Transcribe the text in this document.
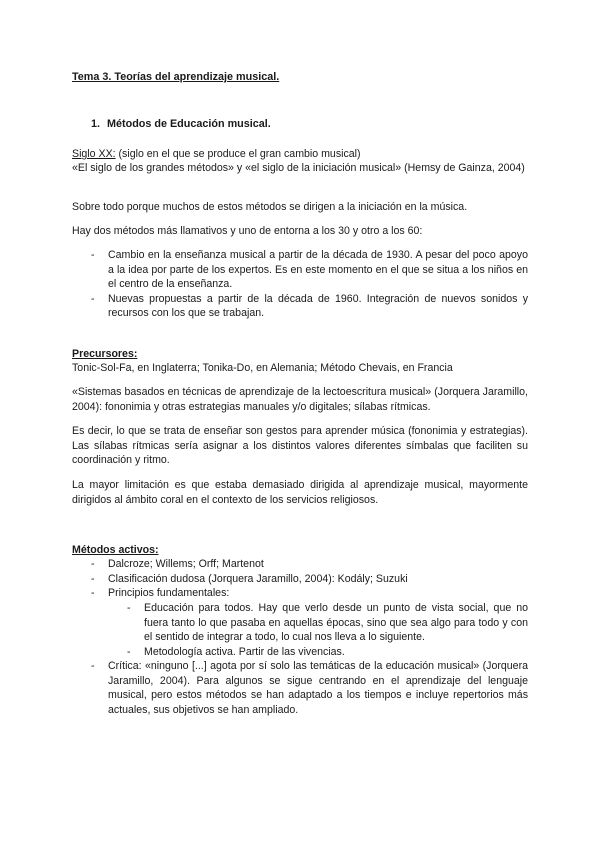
Tema 3. Teorías del aprendizaje musical.

1. Métodos de Educación musical.

Siglo XX: (siglo en el que se produce el gran cambio musical)

«El siglo de los grandes métodos» y «el siglo de la iniciación musical» (Hemsy de Gainza, 2004)

Sobre todo porque muchos de estos métodos se dirigen a la iniciación en la música.

Hay dos métodos más llamativos y uno de entorna a los 30 y otro a los 60:

- Cambio en la enseñanza musical a partir de la década de 1930. A pesar del poco apoyo a la idea por parte de los expertos. Es en este momento en el que se situa a los niños en el centro de la enseñanza.
- Nuevas propuestas a partir de la década de 1960. Integración de nuevos sonidos y recursos con los que se trabajan.

Precursores:

Tonic-Sol-Fa, en Inglaterra; Tonika-Do, en Alemania; Método Chevais, en Francia

«Sistemas basados en técnicas de aprendizaje de la lectoescritura musical» (Jorquera Jaramillo, 2004): fononimia y otras estrategias manuales y/o digitales; sílabas rítmicas.

Es decir, lo que se trata de enseñar son gestos para aprender música (fononimia y estrategias). Las sílabas rítmicas sería asignar a los distintos valores diferentes símbalas que faciliten su coordinación y ritmo.

La mayor limitación es que estaba demasiado dirigida al aprendizaje musical, mayormente dirigidos al ámbito coral en el contexto de los servicios religiosos.

Métodos activos:

- Dalcroze; Willems; Orff; Martenot
- Clasificación dudosa (Jorquera Jaramillo, 2004): Kodály; Suzuki
- Principios fundamentales:
- Educación para todos. Hay que verlo desde un punto de vista social, que no fuera tanto lo que pasaba en aquellas épocas, sino que sea algo para todo y con el sentido de integrar a todo, lo cual nos lleva a lo siguiente.
- Metodología activa. Partir de las vivencias.
- Crítica: «ninguno [...] agota por sí solo las temáticas de la educación musical» (Jorquera Jaramillo, 2004). Para algunos se sigue centrando en el aprendizaje del lenguaje musical, pero estos métodos se han adaptado a los tiempos e incluye repertorios más actuales, sus objetivos se han ampliado.
